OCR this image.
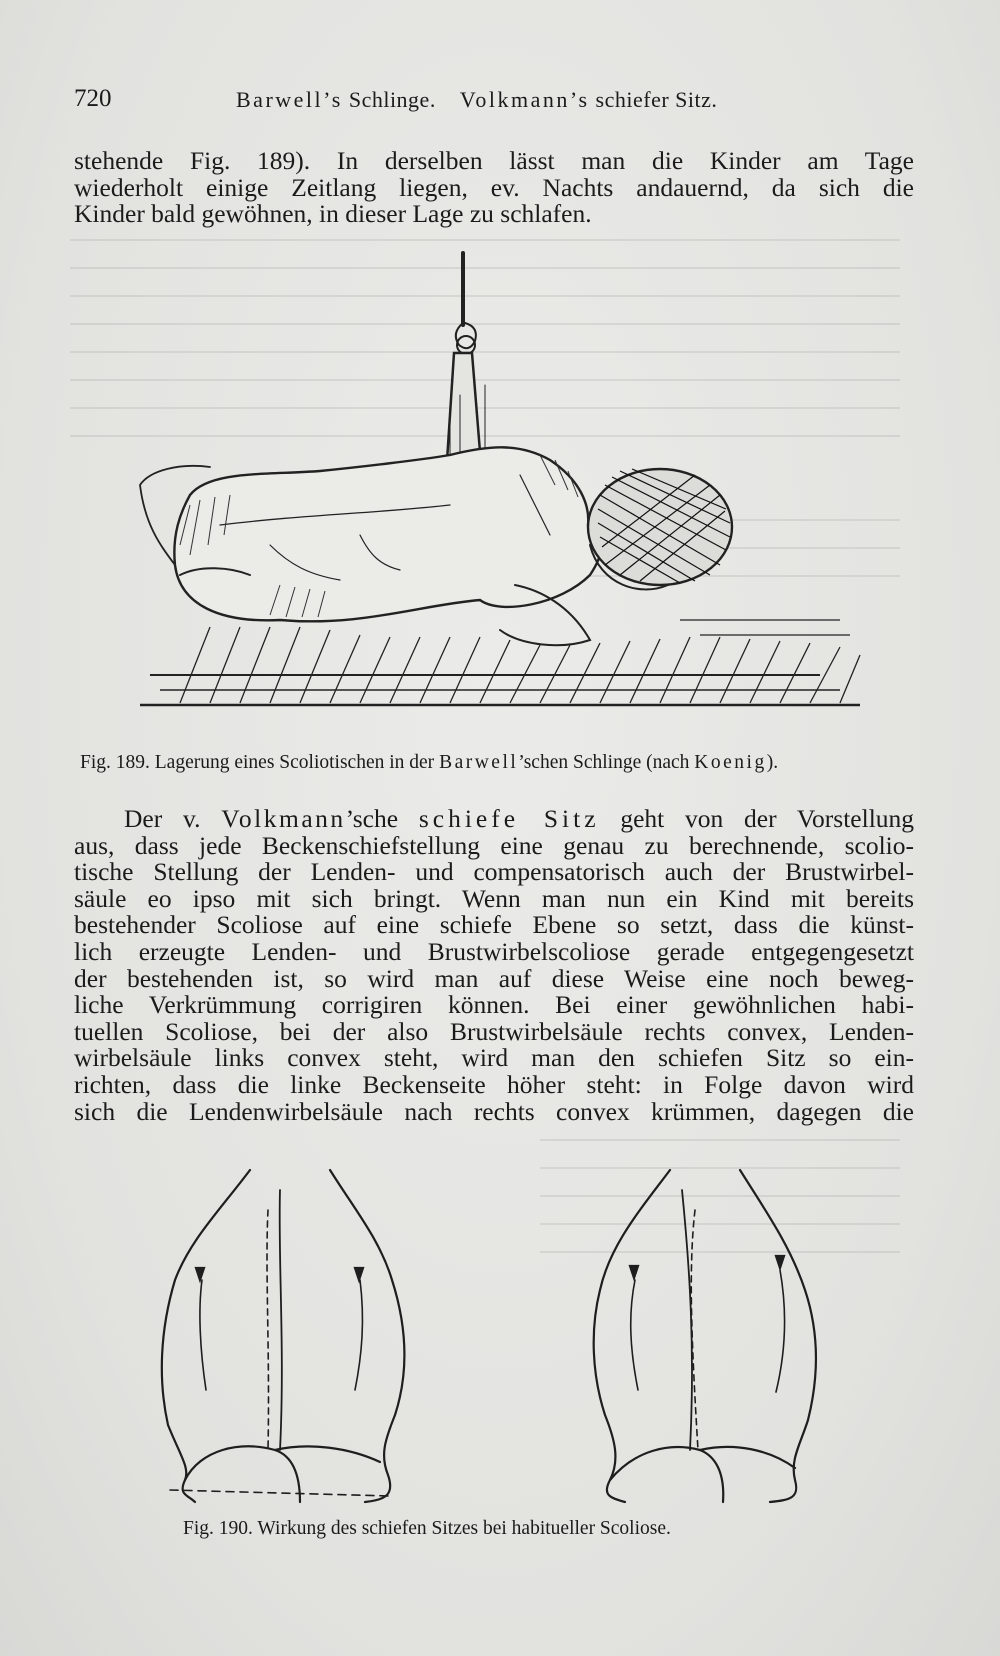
720	Barwell’s Schlinge. Volkmann’s schiefer Sitz.
stehende Fig. 189). In derselben lässt man die Kinder am Tage
wiederholt einige Zeitlang liegen, ev. Nachts andauernd, da sich die
Kinder bald gewöhnen, in dieser Lage zu schlafen.
Fig. 189. Lagerung eines Scoliotischen in der Barwell’schen Schlinge (nach Koenig).
Der v. Volkmann’sche schiefe Sitz geht von der Vorstellung
aus, dass jede Beckenschiefstellung eine genau zu berechnende, scolio-
tische Stellung der Lenden- und compensatorisch auch der Brustwirbel-
säule eo ipso mit sich bringt. Wenn man nun ein Kind mit bereits
bestehender Scoliose auf eine schiefe Ebene so setzt, dass die künst-
lich erzeugte Lenden- und Brustwirbelscoliose gerade entgegengesetzt
der bestehenden ist, so wird man auf diese Weise eine noch beweg-
liche Verkrümmung corrigiren können. Bei einer gewöhnlichen habi-
tuellen Scoliose, bei der also Brustwirbelsäule rechts convex, Lenden-
wirbelsäule links convex steht, wird man den schiefen Sitz so ein-
richten, dass die linke Beckenseite höher steht: in Folge davon wird
sich die Lendenwirbelsäule nach rechts convex krümmen, dagegen die
Fig. 190. Wirkung des schiefen Sitzes bei habitueller Scoliose.
